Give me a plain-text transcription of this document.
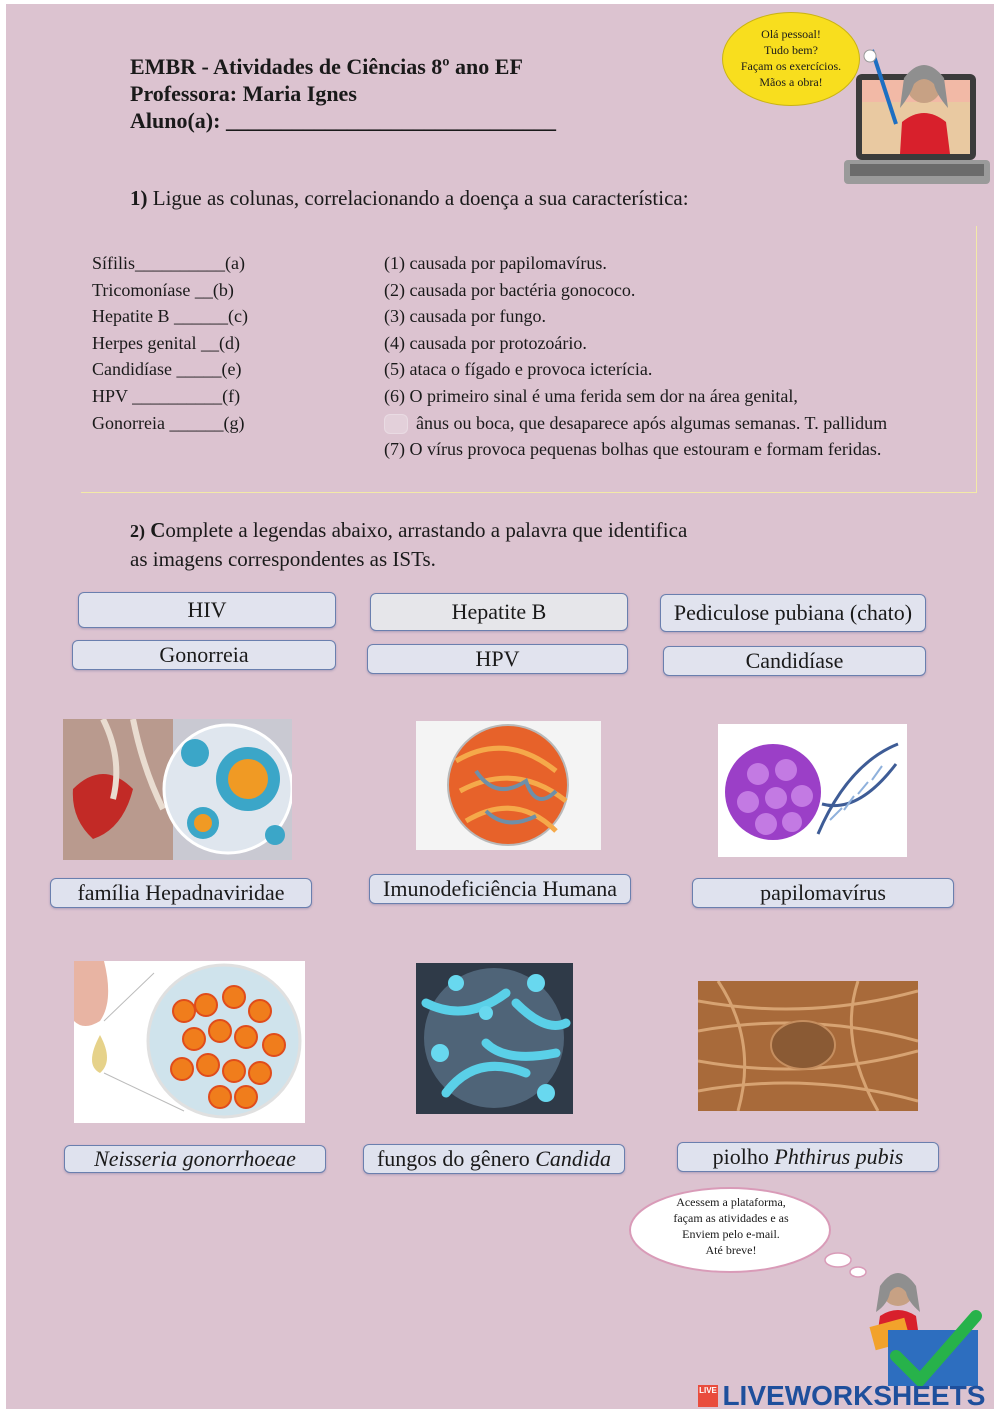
EMBR - Atividades de Ciências 8º ano EF
Professora: Maria Ignes
Aluno(a): ______________________________
Olá pessoal!
Tudo bem?
Façam os exercícios.
Mãos a obra!
1) Ligue as colunas, correlacionando a doença a sua característica:
Sífilis__________(a)
Tricomoníase __(b)
Hepatite B ______(c)
Herpes genital __(d)
Candidíase _____(e)
HPV __________(f)
Gonorreia ______(g)
(1) causada por papilomavírus.
(2) causada por bactéria gonococo.
(3) causada por fungo.
(4) causada por protozoário.
(5) ataca o fígado e provoca icterícia.
(6) O primeiro sinal é uma ferida sem dor na área genital,
ânus ou boca, que desaparece após algumas semanas. T. pallidum
(7) O vírus provoca pequenas bolhas que estouram e formam feridas.
2) Complete a legendas abaixo, arrastando a palavra que identifica
as imagens correspondentes as ISTs.
HIV	Hepatite B	Pediculose pubiana (chato)
Gonorreia	HPV	Candidíase
família Hepadnaviridae	Imunodeficiência Humana	papilomavírus
Neisseria gonorrhoeae	fungos do gênero Candida	piolho Phthirus pubis
Acessem a plataforma,
façam as atividades e as
Enviem pelo e-mail.
Até breve!
LIVE LIVEWORKSHEETS
